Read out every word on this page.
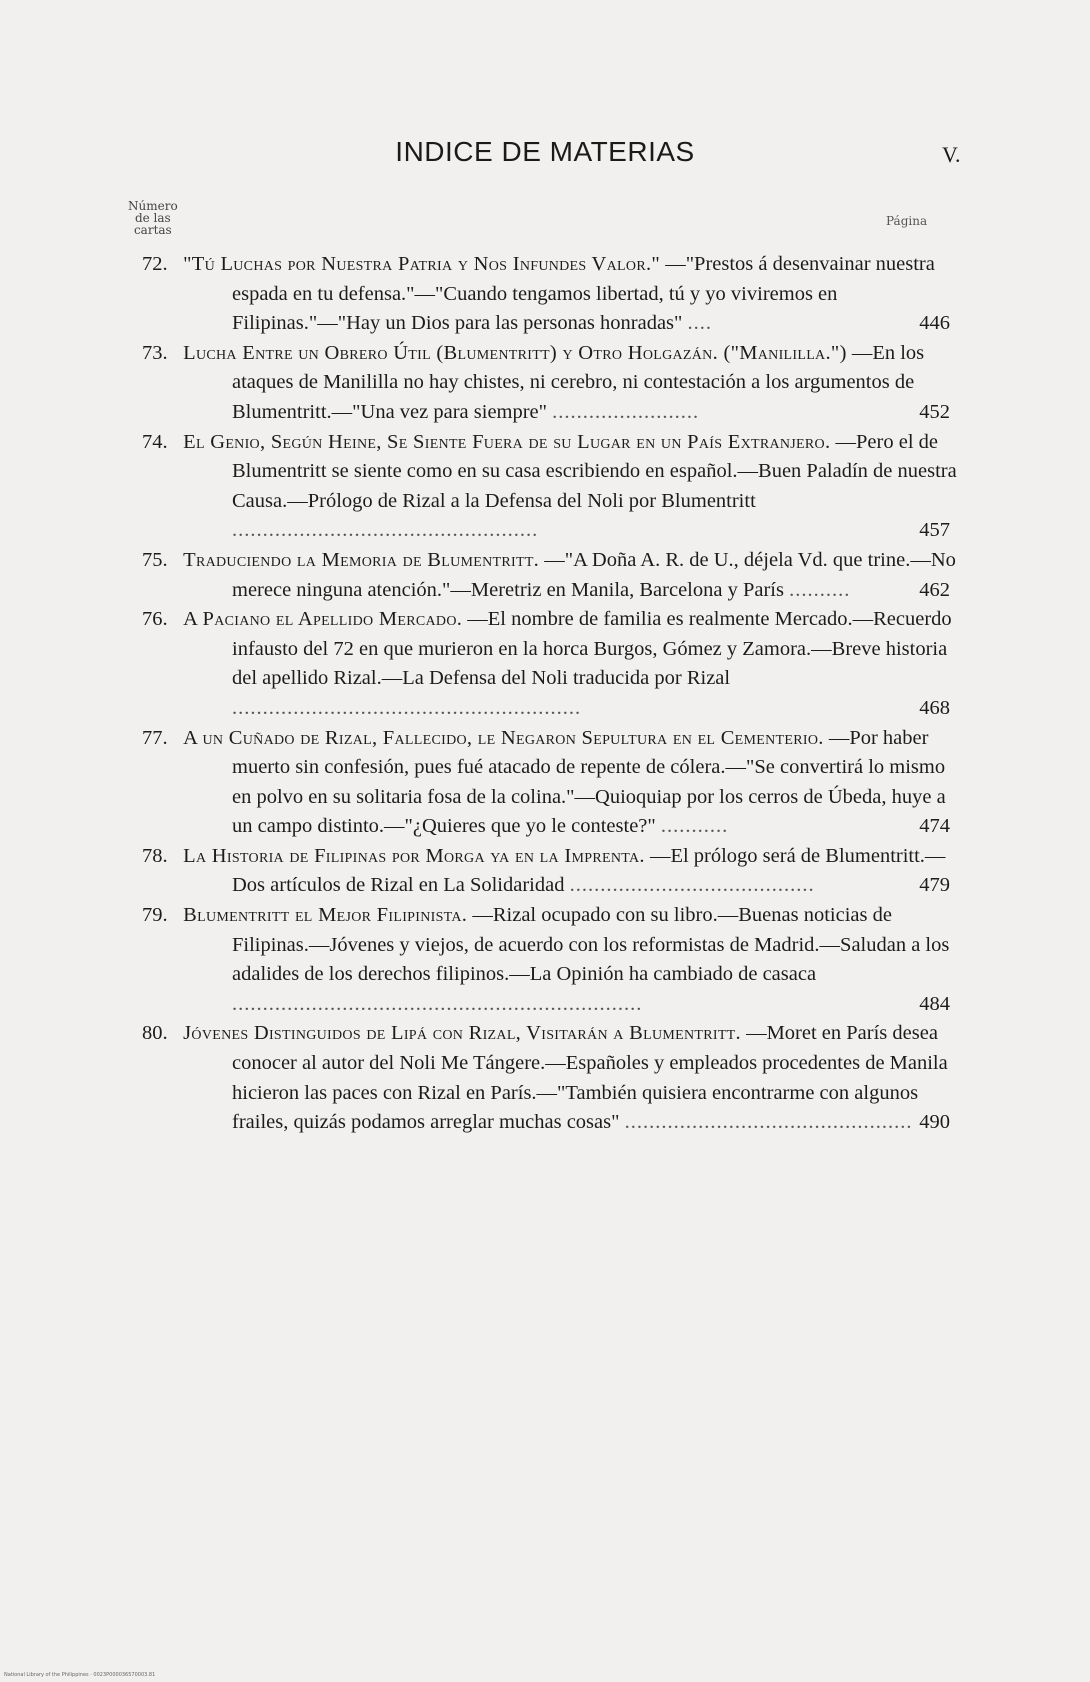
INDICE DE MATERIAS	V.
Número
de las
cartas
Página
72. "Tú Luchas por Nuestra Patria y Nos Infundes Valor." —"Prestos á desenvainar nuestra espada en tu defensa."—"Cuando tengamos libertad, tú y yo viviremos en Filipinas."—"Hay un Dios para las personas honradas" ....	446
73. Lucha Entre un Obrero Útil (Blumentritt) y Otro Holgazán. ("Manililla.") —En los ataques de Manililla no hay chistes, ni cerebro, ni contestación a los argumentos de Blumentritt.—"Una vez para siempre" ........................	452
74. El Genio, Según Heine, Se Siente Fuera de su Lugar en un País Extranjero. —Pero el de Blumentritt se siente como en su casa escribiendo en español.—Buen Paladín de nuestra Causa.—Prólogo de Rizal a la Defensa del Noli por Blumentritt ..................................................	457
75. Traduciendo la Memoria de Blumentritt. —"A Doña A. R. de U., déjela Vd. que trine.—No merece ninguna atención."—Meretriz en Manila, Barcelona y París ..........	462
76. A Paciano el Apellido Mercado. —El nombre de familia es realmente Mercado.—Recuerdo infausto del 72 en que murieron en la horca Burgos, Gómez y Zamora.—Breve historia del apellido Rizal.—La Defensa del Noli traducida por Rizal .........................................................	468
77. A un Cuñado de Rizal, Fallecido, le Negaron Sepultura en el Cementerio. —Por haber muerto sin confesión, pues fué atacado de repente de cólera.—"Se convertirá lo mismo en polvo en su solitaria fosa de la colina."—Quioquiap por los cerros de Úbeda, huye a un campo distinto.—"¿Quieres que yo le conteste?" ...........	474
78. La Historia de Filipinas por Morga ya en la Imprenta. —El prólogo será de Blumentritt.—Dos artículos de Rizal en La Solidaridad ........................................	479
79. Blumentritt el Mejor Filipinista. —Rizal ocupado con su libro.—Buenas noticias de Filipinas.—Jóvenes y viejos, de acuerdo con los reformistas de Madrid.—Saludan a los adalides de los derechos filipinos.—La Opinión ha cambiado de casaca ...................................................................	484
80. Jóvenes Distinguidos de Lipá con Rizal, Visitarán a Blumentritt. —Moret en París desea conocer al autor del Noli Me Tángere.—Españoles y empleados procedentes de Manila hicieron las paces con Rizal en París.—"También quisiera encontrarme con algunos frailes, quizás podamos arreglar muchas cosas" ............................................... 490
National Library of the Philippines · 0023P000036570003.81
